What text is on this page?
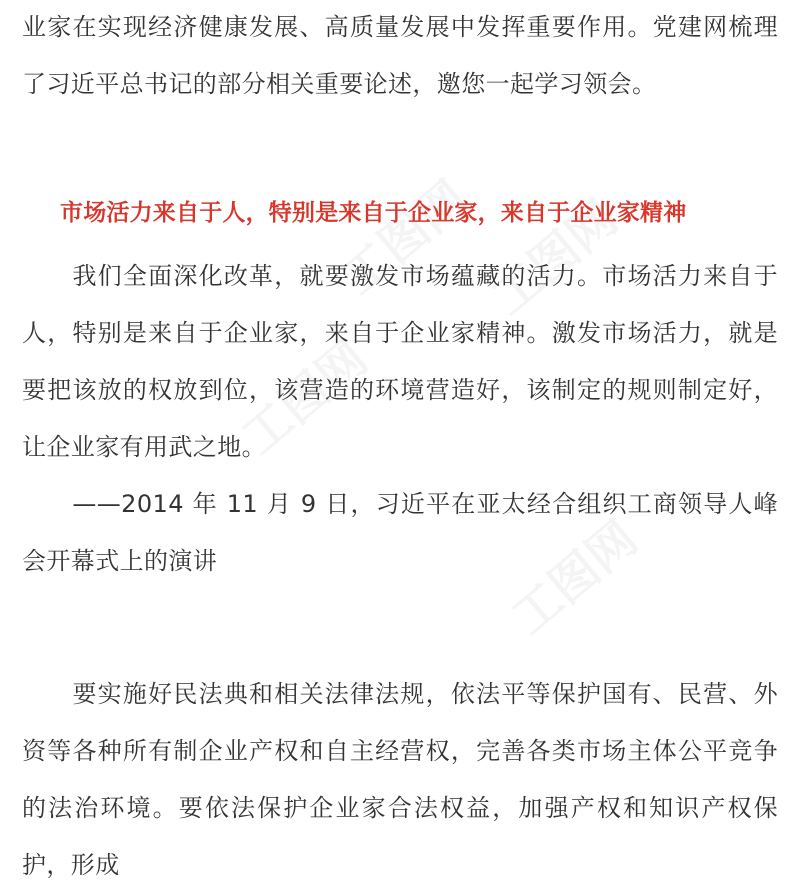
业家在实现经济健康发展、高质量发展中发挥重要作用。党建网梳理了习近平总书记的部分相关重要论述，邀您一起学习领会。

市场活力来自于人，特别是来自于企业家，来自于企业家精神

　　我们全面深化改革，就要激发市场蕴藏的活力。市场活力来自于人，特别是来自于企业家，来自于企业家精神。激发市场活力，就是要把该放的权放到位，该营造的环境营造好，该制定的规则制定好，让企业家有用武之地。

　　——2014 年 11 月 9 日，习近平在亚太经合组织工商领导人峰会开幕式上的演讲

　　要实施好民法典和相关法律法规，依法平等保护国有、民营、外资等各种所有制企业产权和自主经营权，完善各类市场主体公平竞争的法治环境。要依法保护企业家合法权益，加强产权和知识产权保护，形成

工图网 工图网
工图网
工图网
